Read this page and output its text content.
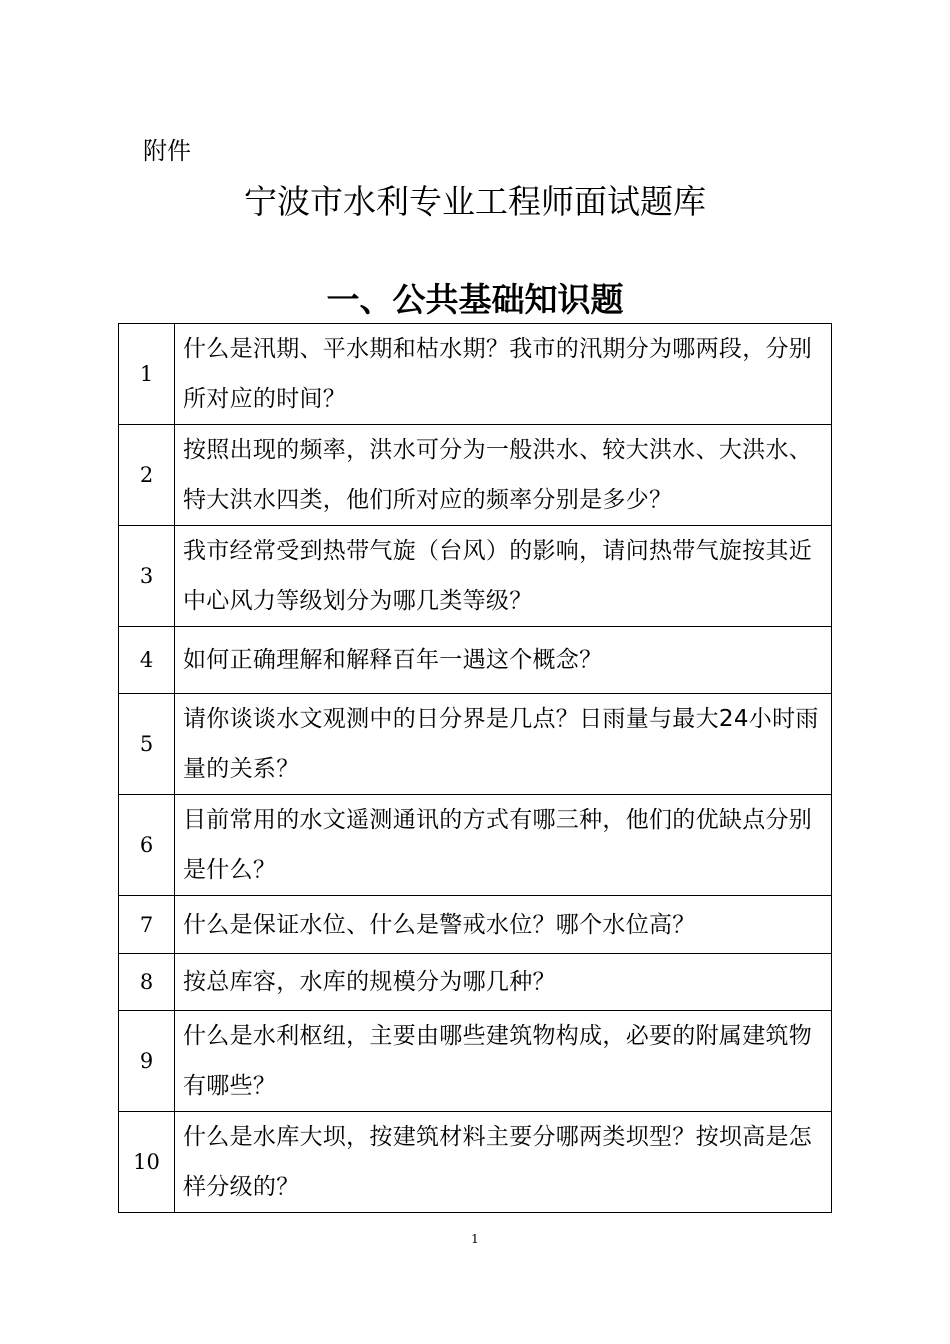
附件
宁波市水利专业工程师面试题库
一、公共基础知识题
1	什么是汛期、平水期和枯水期？我市的汛期分为哪两段，分别所对应的时间？
2	按照出现的频率，洪水可分为一般洪水、较大洪水、大洪水、特大洪水四类，他们所对应的频率分别是多少？
3	我市经常受到热带气旋（台风）的影响，请问热带气旋按其近中心风力等级划分为哪几类等级？
4	如何正确理解和解释百年一遇这个概念？
5	请你谈谈水文观测中的日分界是几点？日雨量与最大24小时雨量的关系？
6	目前常用的水文遥测通讯的方式有哪三种，他们的优缺点分别是什么？
7	什么是保证水位、什么是警戒水位？哪个水位高？
8	按总库容，水库的规模分为哪几种？
9	什么是水利枢纽，主要由哪些建筑物构成，必要的附属建筑物有哪些？
10	什么是水库大坝，按建筑材料主要分哪两类坝型？按坝高是怎样分级的？
1
